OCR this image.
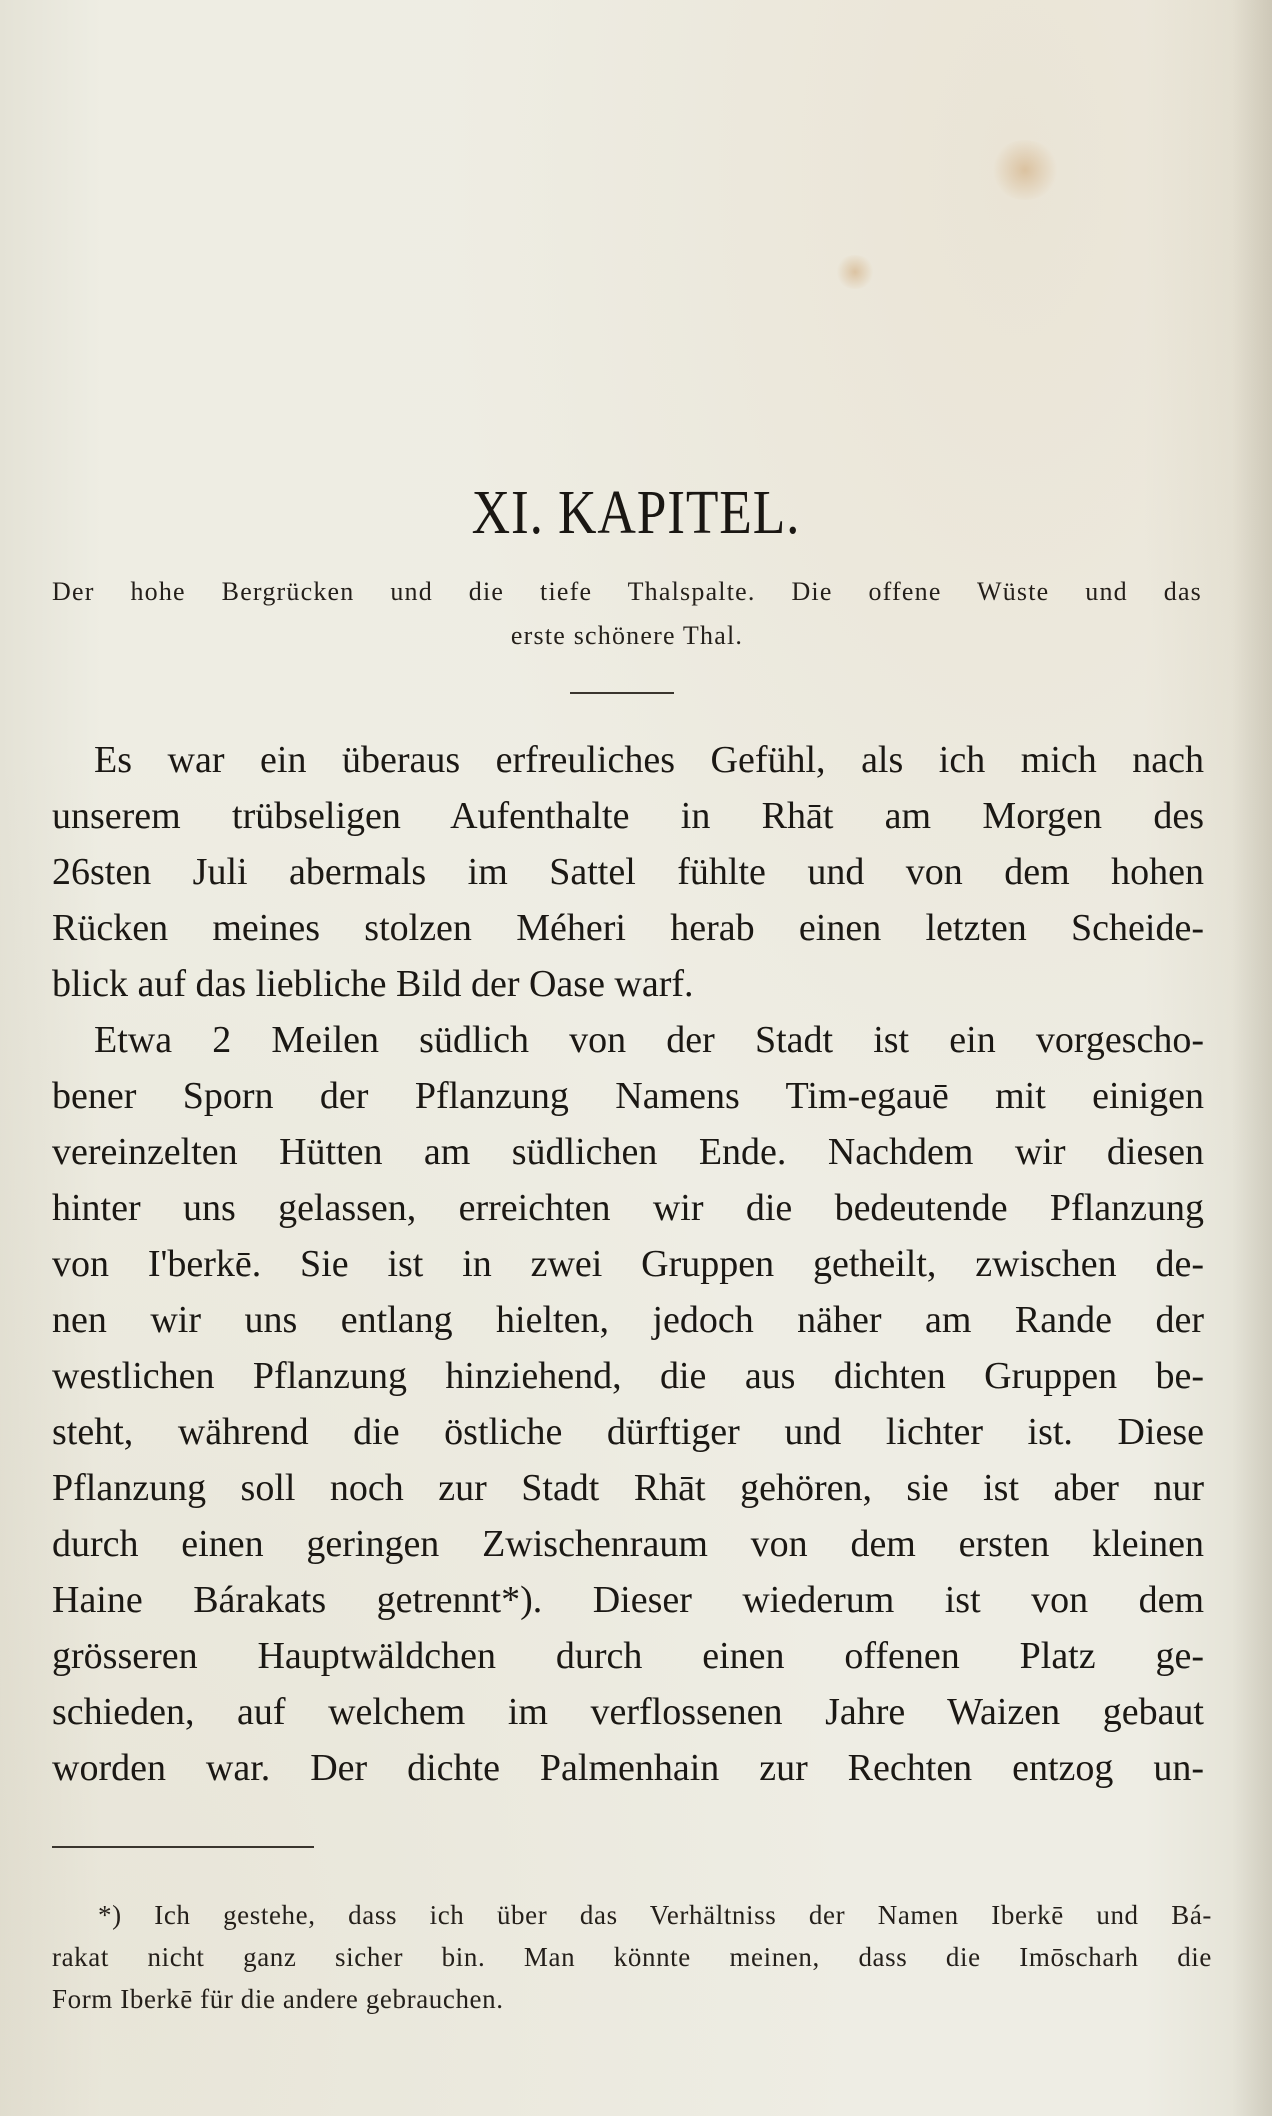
XI. KAPITEL.
Der hohe Bergrücken und die tiefe Thalspalte. Die offene Wüste und das
erste schönere Thal.
Es war ein überaus erfreuliches Gefühl, als ich mich nach
unserem trübseligen Aufenthalte in Rhāt am Morgen des
26sten Juli abermals im Sattel fühlte und von dem hohen
Rücken meines stolzen Méheri herab einen letzten Scheide-
blick auf das liebliche Bild der Oase warf.
Etwa 2 Meilen südlich von der Stadt ist ein vorgescho-
bener Sporn der Pflanzung Namens Tim-egauē mit einigen
vereinzelten Hütten am südlichen Ende. Nachdem wir diesen
hinter uns gelassen, erreichten wir die bedeutende Pflanzung
von I'berkē. Sie ist in zwei Gruppen getheilt, zwischen de-
nen wir uns entlang hielten, jedoch näher am Rande der
westlichen Pflanzung hinziehend, die aus dichten Gruppen be-
steht, während die östliche dürftiger und lichter ist. Diese
Pflanzung soll noch zur Stadt Rhāt gehören, sie ist aber nur
durch einen geringen Zwischenraum von dem ersten kleinen
Haine Bárakats getrennt*). Dieser wiederum ist von dem
grösseren Hauptwäldchen durch einen offenen Platz ge-
schieden, auf welchem im verflossenen Jahre Waizen gebaut
worden war. Der dichte Palmenhain zur Rechten entzog un-
*) Ich gestehe, dass ich über das Verhältniss der Namen Iberkē und Bá-
rakat nicht ganz sicher bin. Man könnte meinen, dass die Imōscharh die
Form Iberkē für die andere gebrauchen.
